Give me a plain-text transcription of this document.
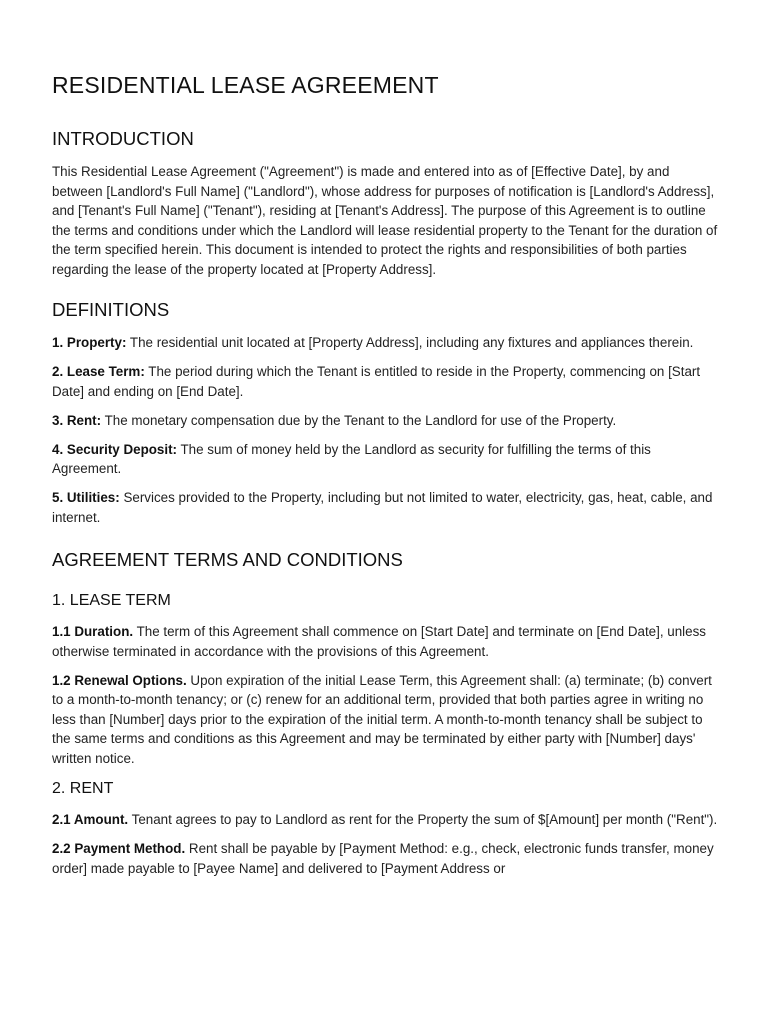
RESIDENTIAL LEASE AGREEMENT
INTRODUCTION

This Residential Lease Agreement ("Agreement") is made and entered into as of [Effective Date], by and between [Landlord's Full Name] ("Landlord"), whose address for purposes of notification is [Landlord's Address], and [Tenant's Full Name] ("Tenant"), residing at [Tenant's Address]. The purpose of this Agreement is to outline the terms and conditions under which the Landlord will lease residential property to the Tenant for the duration of the term specified herein. This document is intended to protect the rights and responsibilities of both parties regarding the lease of the property located at [Property Address].

DEFINITIONS

1. Property: The residential unit located at [Property Address], including any fixtures and appliances therein.

2. Lease Term: The period during which the Tenant is entitled to reside in the Property, commencing on [Start Date] and ending on [End Date].

3. Rent: The monetary compensation due by the Tenant to the Landlord for use of the Property.

4. Security Deposit: The sum of money held by the Landlord as security for fulfilling the terms of this Agreement.

5. Utilities: Services provided to the Property, including but not limited to water, electricity, gas, heat, cable, and internet.

AGREEMENT TERMS AND CONDITIONS
1. LEASE TERM

1.1 Duration. The term of this Agreement shall commence on [Start Date] and terminate on [End Date], unless otherwise terminated in accordance with the provisions of this Agreement.

1.2 Renewal Options. Upon expiration of the initial Lease Term, this Agreement shall: (a) terminate; (b) convert to a month-to-month tenancy; or (c) renew for an additional term, provided that both parties agree in writing no less than [Number] days prior to the expiration of the initial term. A month-to-month tenancy shall be subject to the same terms and conditions as this Agreement and may be terminated by either party with [Number] days' written notice.

2. RENT

2.1 Amount. Tenant agrees to pay to Landlord as rent for the Property the sum of $[Amount] per month ("Rent").

2.2 Payment Method. Rent shall be payable by [Payment Method: e.g., check, electronic funds transfer, money order] made payable to [Payee Name] and delivered to [Payment Address or
